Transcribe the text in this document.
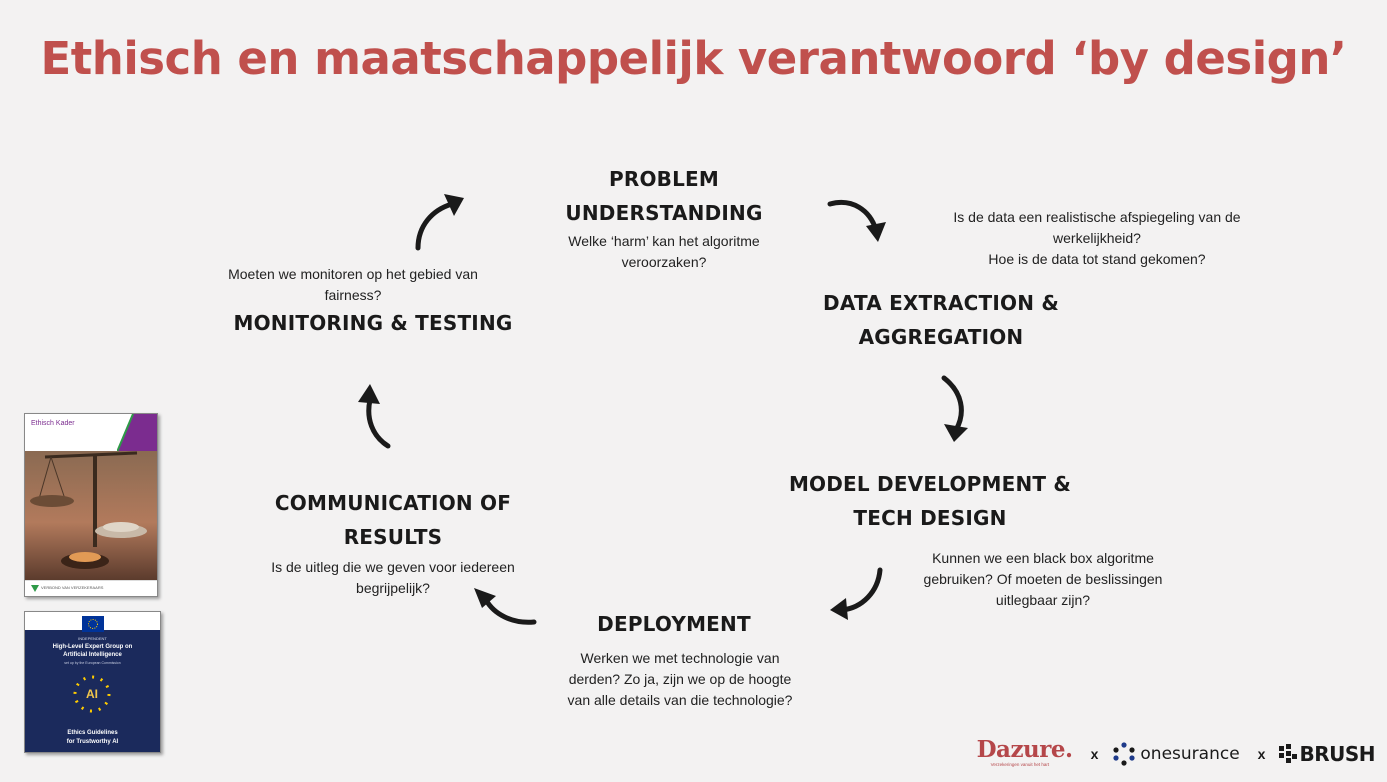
Ethisch en maatschappelijk verantwoord ‘by design’
PROBLEM
UNDERSTANDING
Welke ‘harm’ kan het algoritme
veroorzaken?
Is de data een realistische afspiegeling van de
werkelijkheid?
Hoe is de data tot stand gekomen?
DATA EXTRACTION &
AGGREGATION
MODEL DEVELOPMENT &
TECH DESIGN
Kunnen we een black box algoritme
gebruiken? Of moeten de beslissingen
uitlegbaar zijn?
DEPLOYMENT
Werken we met technologie van
derden? Zo ja, zijn we op de hoogte
van alle details van die technologie?
COMMUNICATION OF
RESULTS
Is de uitleg die we geven voor iedereen
begrijpelijk?
Moeten we monitoren op het gebied van
fairness?
MONITORING & TESTING
Ethisch Kader
VERBOND VAN VERZEKERAARS
INDEPENDENT
High-Level Expert Group on
Artificial Intelligence
set up by the European Commission
AI
Ethics Guidelines
for Trustworthy AI	Dazure.
Verzekeringen vanuit het hart
x onesurance x BRUSH
